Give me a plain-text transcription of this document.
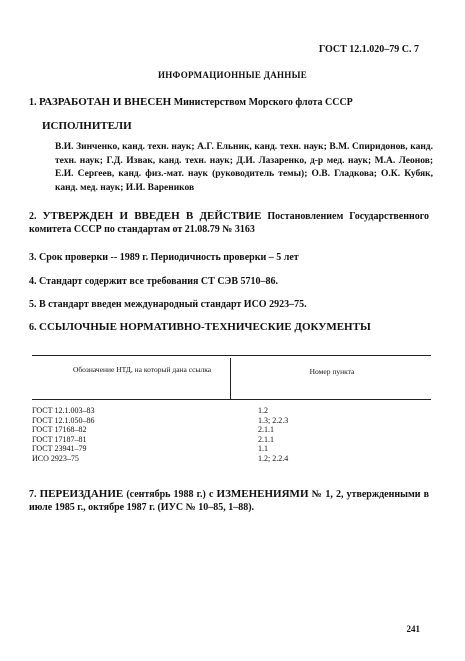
ГОСТ 12.1.020–79 С. 7
ИНФОРМАЦИОННЫЕ ДАННЫЕ
1. РАЗРАБОТАН И ВНЕСЕН Министерством Морского флота СССР
ИСПОЛНИТЕЛИ
В.И. Зинченко, канд. техн. наук; А.Г. Ельник, канд. техн. наук; В.М. Спиридонов, канд. техн. наук; Г.Д. Извак, канд. техн. наук; Д.И. Лазаренко, д-р мед. наук; М.А. Леонов; Е.И. Сергеев, канд. физ.-мат. наук (руководитель темы); О.В. Гладкова; О.К. Кубяк, канд. мед. наук; И.И. Вареников
2. УТВЕРЖДЕН И ВВЕДЕН В ДЕЙСТВИЕ Постановлением Государственного комитета СССР по стандартам от 21.08.79 № 3163
3. Срок проверки -- 1989 г. Периодичность проверки – 5 лет
4. Стандарт содержит все требования СТ СЭВ 5710–86.
5. В стандарт введен международный стандарт ИСО 2923–75.
6. ССЫЛОЧНЫЕ НОРМАТИВНО-ТЕХНИЧЕСКИЕ ДОКУМЕНТЫ
Обозначение НТД, на который дана ссылка	Номер пункта
ГОСТ 12.1.003–83	1.2
ГОСТ 12.1.050–86	1.3; 2.2.3
ГОСТ 17168–82	2.1.1
ГОСТ 17187–81	2.1.1
ГОСТ 23941–79	1.1
ИСО 2923–75	1.2; 2.2.4
7. ПЕРЕИЗДАНИЕ (сентябрь 1988 г.) с ИЗМЕНЕНИЯМИ № 1, 2, утвержденными в июле 1985 г., октябре 1987 г. (ИУС № 10–85, 1–88).
241
